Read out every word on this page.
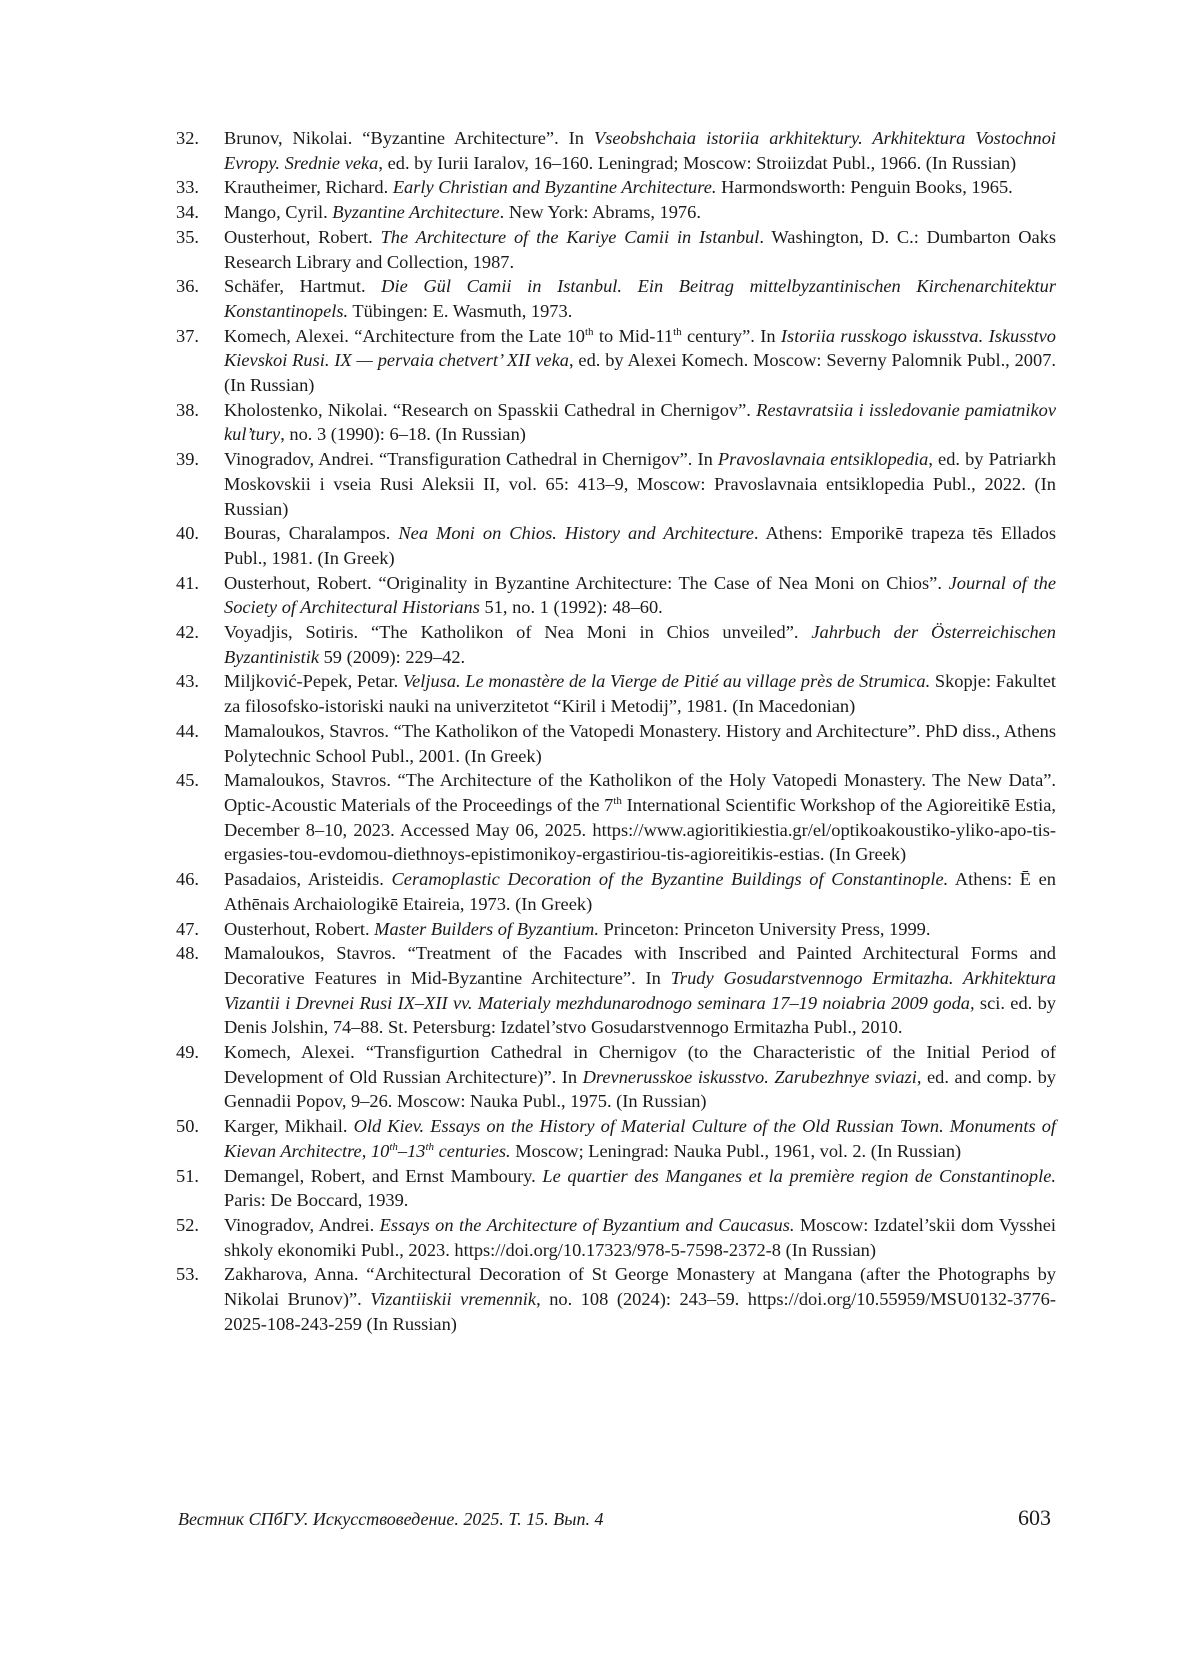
32.	Brunov, Nikolai. “Byzantine Architecture”. In Vseobshchaia istoriia arkhitektury. Arkhitektura Vostochnoi Evropy. Srednie veka, ed. by Iurii Iaralov, 16–160. Leningrad; Moscow: Stroiizdat Publ., 1966. (In Russian)
33.	Krautheimer, Richard. Early Christian and Byzantine Architecture. Harmondsworth: Penguin Books, 1965.
34.	Mango, Cyril. Byzantine Architecture. New York: Abrams, 1976.
35.	Ousterhout, Robert. The Architecture of the Kariye Camii in Istanbul. Washington, D. C.: Dumbarton Oaks Research Library and Collection, 1987.
36.	Schäfer, Hartmut. Die Gül Camii in Istanbul. Ein Beitrag mittelbyzantinischen Kirchenarchitektur Konstantinopels. Tübingen: E. Wasmuth, 1973.
37.	Komech, Alexei. “Architecture from the Late 10th to Mid-11th century”. In Istoriia russkogo iskusstva. Iskusstvo Kievskoi Rusi. IX — pervaia chetvert’ XII veka, ed. by Alexei Komech. Moscow: Severny Palomnik Publ., 2007. (In Russian)
38.	Kholostenko, Nikolai. “Research on Spasskii Cathedral in Chernigov”. Restavratsiia i issledovanie pamiatnikov kul’tury, no. 3 (1990): 6–18. (In Russian)
39.	Vinogradov, Andrei. “Transfiguration Cathedral in Chernigov”. In Pravoslavnaia entsiklopedia, ed. by Patriarkh Moskovskii i vseia Rusi Aleksii II, vol. 65: 413–9, Moscow: Pravoslavnaia entsiklopedia Publ., 2022. (In Russian)
40.	Bouras, Charalampos. Nea Moni on Chios. History and Architecture. Athens: Emporikē trapeza tēs Ellados Publ., 1981. (In Greek)
41.	Ousterhout, Robert. “Originality in Byzantine Architecture: The Case of Nea Moni on Chios”. Journal of the Society of Architectural Historians 51, no. 1 (1992): 48–60.
42.	Voyadjis, Sotiris. “The Katholikon of Nea Moni in Chios unveiled”. Jahrbuch der Österreichischen Byzantinistik 59 (2009): 229–42.
43.	Miljković-Pepek, Petar. Veljusa. Le monastère de la Vierge de Pitié au village près de Strumica. Skopje: Fakultet za filosofsko-istoriski nauki na univerzitetot “Kiril i Metodij”, 1981. (In Macedonian)
44.	Mamaloukos, Stavros. “The Katholikon of the Vatopedi Monastery. History and Architecture”. PhD diss., Athens Polytechnic School Publ., 2001. (In Greek)
45.	Mamaloukos, Stavros. “The Architecture of the Katholikon of the Holy Vatopedi Monastery. The New Data”. Optic-Acoustic Materials of the Proceedings of the 7th International Scientific Workshop of the Agioreitikē Estia, December 8–10, 2023. Accessed May 06, 2025. https://www.agioritikiestia.gr/el/optikoakoustiko-yliko-apo-tis-ergasies-tou-evdomou-diethnoys-epistimonikoy-ergastiriou-tis-agioreitikis-estias. (In Greek)
46.	Pasadaios, Aristeidis. Ceramoplastic Decoration of the Byzantine Buildings of Constantinople. Athens: Ē en Athēnais Archaiologikē Etaireia, 1973. (In Greek)
47.	Ousterhout, Robert. Master Builders of Byzantium. Princeton: Princeton University Press, 1999.
48.	Mamaloukos, Stavros. “Treatment of the Facades with Inscribed and Painted Architectural Forms and Decorative Features in Mid-Byzantine Architecture”. In Trudy Gosudarstvennogo Ermitazha. Arkhitektura Vizantii i Drevnei Rusi IX–XII vv. Materialy mezhdunarodnogo seminara 17–19 noiabria 2009 goda, sci. ed. by Denis Jolshin, 74–88. St. Petersburg: Izdatel’stvo Gosudarstvennogo Ermitazha Publ., 2010.
49.	Komech, Alexei. “Transfigurtion Cathedral in Chernigov (to the Characteristic of the Initial Period of Development of Old Russian Architecture)”. In Drevnerusskoe iskusstvo. Zarubezhnye sviazi, ed. and comp. by Gennadii Popov, 9–26. Moscow: Nauka Publ., 1975. (In Russian)
50.	Karger, Mikhail. Old Kiev. Essays on the History of Material Culture of the Old Russian Town. Monuments of Kievan Architectre, 10th–13th centuries. Moscow; Leningrad: Nauka Publ., 1961, vol. 2. (In Russian)
51.	Demangel, Robert, and Ernst Mamboury. Le quartier des Manganes et la première region de Constantinople. Paris: De Boccard, 1939.
52.	Vinogradov, Andrei. Essays on the Architecture of Byzantium and Caucasus. Moscow: Izdatel’skii dom Vysshei shkoly ekonomiki Publ., 2023. https://doi.org/10.17323/978-5-7598-2372-8 (In Russian)
53.	Zakharova, Anna. “Architectural Decoration of St George Monastery at Mangana (after the Photographs by Nikolai Brunov)”. Vizantiiskii vremennik, no. 108 (2024): 243–59. https://doi.org/10.55959/MSU0132-3776-2025-108-243-259 (In Russian)
Вестник СПбГУ. Искусствоведение. 2025. Т. 15. Вып. 4	603
